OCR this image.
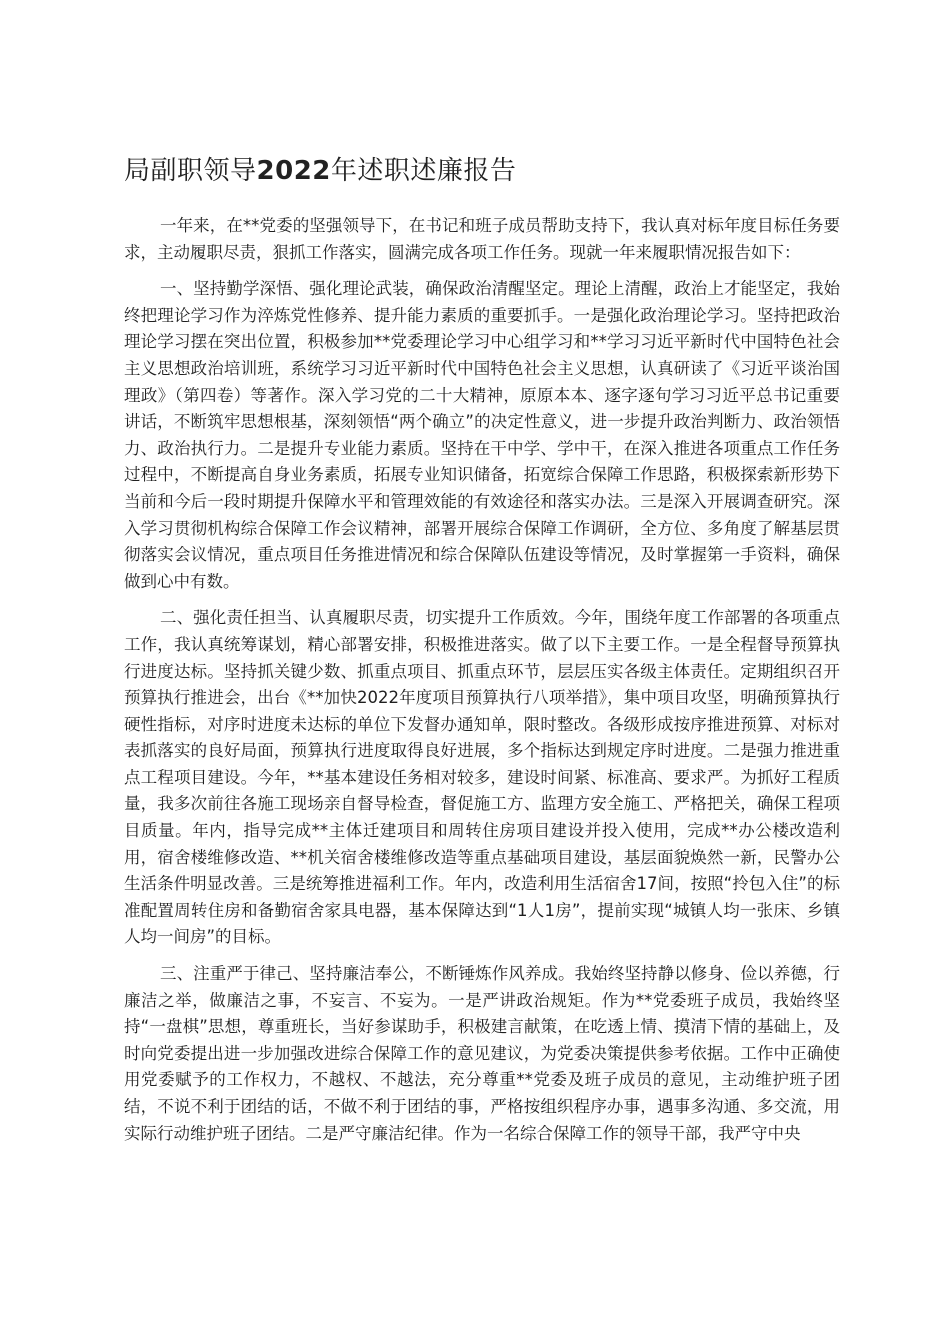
局副职领导2022年述职述廉报告

一年来，在**党委的坚强领导下，在书记和班子成员帮助支持下，我认真对标年度目标任务要求，主动履职尽责，狠抓工作落实，圆满完成各项工作任务。现就一年来履职情况报告如下：

一、坚持勤学深悟、强化理论武装，确保政治清醒坚定。理论上清醒，政治上才能坚定，我始终把理论学习作为淬炼党性修养、提升能力素质的重要抓手。一是强化政治理论学习。坚持把政治理论学习摆在突出位置，积极参加**党委理论学习中心组学习和**学习习近平新时代中国特色社会主义思想政治培训班，系统学习习近平新时代中国特色社会主义思想，认真研读了《习近平谈治国理政》（第四卷）等著作。深入学习党的二十大精神，原原本本、逐字逐句学习习近平总书记重要讲话，不断筑牢思想根基，深刻领悟“两个确立”的决定性意义，进一步提升政治判断力、政治领悟力、政治执行力。二是提升专业能力素质。坚持在干中学、学中干，在深入推进各项重点工作任务过程中，不断提高自身业务素质，拓展专业知识储备，拓宽综合保障工作思路，积极探索新形势下当前和今后一段时期提升保障水平和管理效能的有效途径和落实办法。三是深入开展调查研究。深入学习贯彻机构综合保障工作会议精神，部署开展综合保障工作调研，全方位、多角度了解基层贯彻落实会议情况，重点项目任务推进情况和综合保障队伍建设等情况，及时掌握第一手资料，确保做到心中有数。

二、强化责任担当、认真履职尽责，切实提升工作质效。今年，围绕年度工作部署的各项重点工作，我认真统筹谋划，精心部署安排，积极推进落实。做了以下主要工作。一是全程督导预算执行进度达标。坚持抓关键少数、抓重点项目、抓重点环节，层层压实各级主体责任。定期组织召开预算执行推进会，出台《**加快2022年度项目预算执行八项举措》，集中项目攻坚，明确预算执行硬性指标，对序时进度未达标的单位下发督办通知单，限时整改。各级形成按序推进预算、对标对表抓落实的良好局面，预算执行进度取得良好进展，多个指标达到规定序时进度。二是强力推进重点工程项目建设。今年，**基本建设任务相对较多，建设时间紧、标准高、要求严。为抓好工程质量，我多次前往各施工现场亲自督导检查，督促施工方、监理方安全施工、严格把关，确保工程项目质量。年内，指导完成**主体迁建项目和周转住房项目建设并投入使用，完成**办公楼改造利用，宿舍楼维修改造、**机关宿舍楼维修改造等重点基础项目建设，基层面貌焕然一新，民警办公生活条件明显改善。三是统筹推进福利工作。年内，改造利用生活宿舍17间，按照“拎包入住”的标准配置周转住房和备勤宿舍家具电器，基本保障达到“1人1房”，提前实现“城镇人均一张床、乡镇人均一间房”的目标。

三、注重严于律己、坚持廉洁奉公，不断锤炼作风养成。我始终坚持静以修身、俭以养德，行廉洁之举，做廉洁之事，不妄言、不妄为。一是严讲政治规矩。作为**党委班子成员，我始终坚持“一盘棋”思想，尊重班长，当好参谋助手，积极建言献策，在吃透上情、摸清下情的基础上，及时向党委提出进一步加强改进综合保障工作的意见建议，为党委决策提供参考依据。工作中正确使用党委赋予的工作权力，不越权、不越法，充分尊重**党委及班子成员的意见，主动维护班子团结，不说不利于团结的话，不做不利于团结的事，严格按组织程序办事，遇事多沟通、多交流，用实际行动维护班子团结。二是严守廉洁纪律。作为一名综合保障工作的领导干部，我严守中央
